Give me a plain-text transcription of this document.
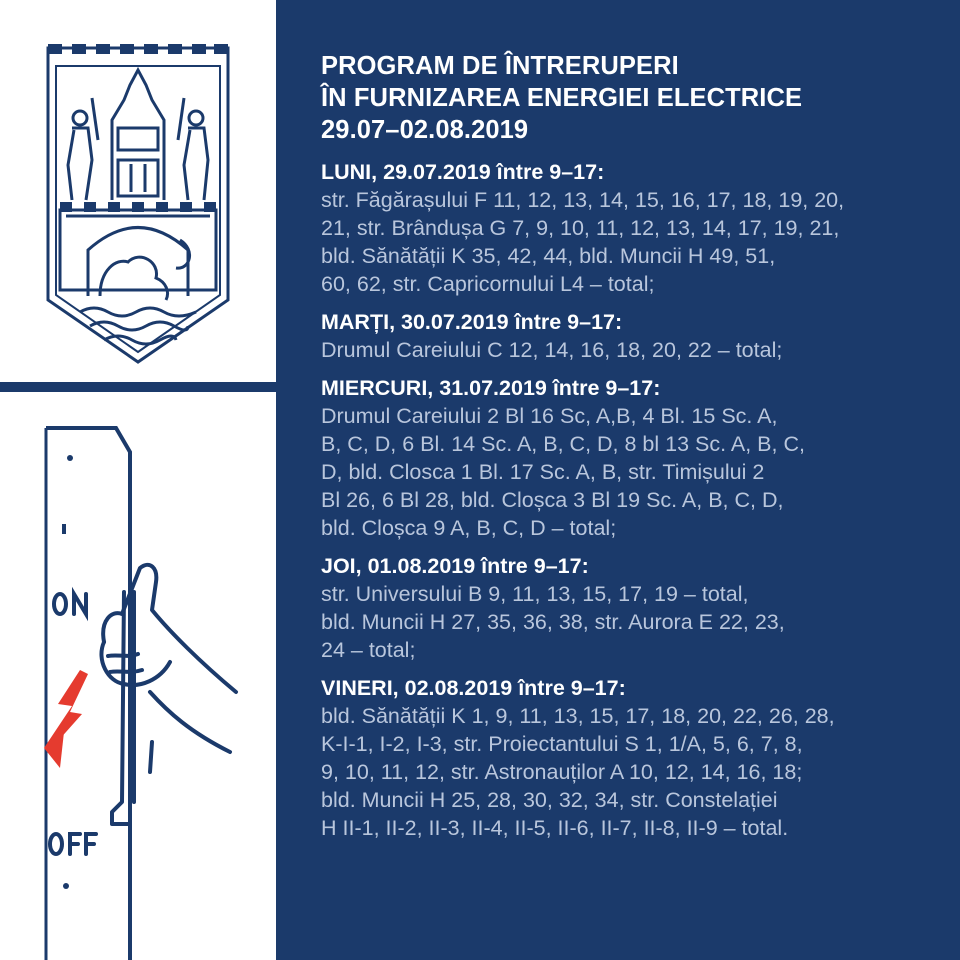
PROGRAM DE ÎNTRERUPERI
ÎN FURNIZAREA ENERGIEI ELECTRICE
29.07–02.08.2019
LUNI, 29.07.2019 între 9–17:
str. Făgărașului F 11, 12, 13, 14, 15, 16, 17, 18, 19, 20,
21, str. Brândușa G 7, 9, 10, 11, 12, 13, 14, 17, 19, 21,
bld. Sănătății K 35, 42, 44, bld. Muncii H 49, 51,
60, 62, str. Capricornului L4 – total;
MARȚI, 30.07.2019 între 9–17:
Drumul Careiului C 12, 14, 16, 18, 20, 22 – total;
MIERCURI, 31.07.2019 între 9–17:
Drumul Careiului 2 Bl 16 Sc, A,B, 4 Bl. 15 Sc. A,
B, C, D, 6 Bl. 14 Sc. A, B, C, D, 8 bl 13 Sc. A, B, C,
D, bld. Closca 1 Bl. 17 Sc. A, B, str. Timișului 2
Bl 26, 6 Bl 28, bld. Cloșca 3 Bl 19 Sc. A, B, C, D,
bld. Cloșca 9 A, B, C, D – total;
JOI, 01.08.2019 între 9–17:
str. Universului B 9, 11, 13, 15, 17, 19 – total,
bld. Muncii H 27, 35, 36, 38, str. Aurora E 22, 23,
24 – total;
VINERI, 02.08.2019 între 9–17:
bld. Sănătății K 1, 9, 11, 13, 15, 17, 18, 20, 22, 26, 28,
K-I-1, I-2, I-3, str. Proiectantului S 1, 1/A, 5, 6, 7, 8,
9, 10, 11, 12, str. Astronauților A 10, 12, 14, 16, 18;
bld. Muncii H 25, 28, 30, 32, 34, str. Constelației
H II-1, II-2, II-3, II-4, II-5, II-6, II-7, II-8, II-9 – total.
